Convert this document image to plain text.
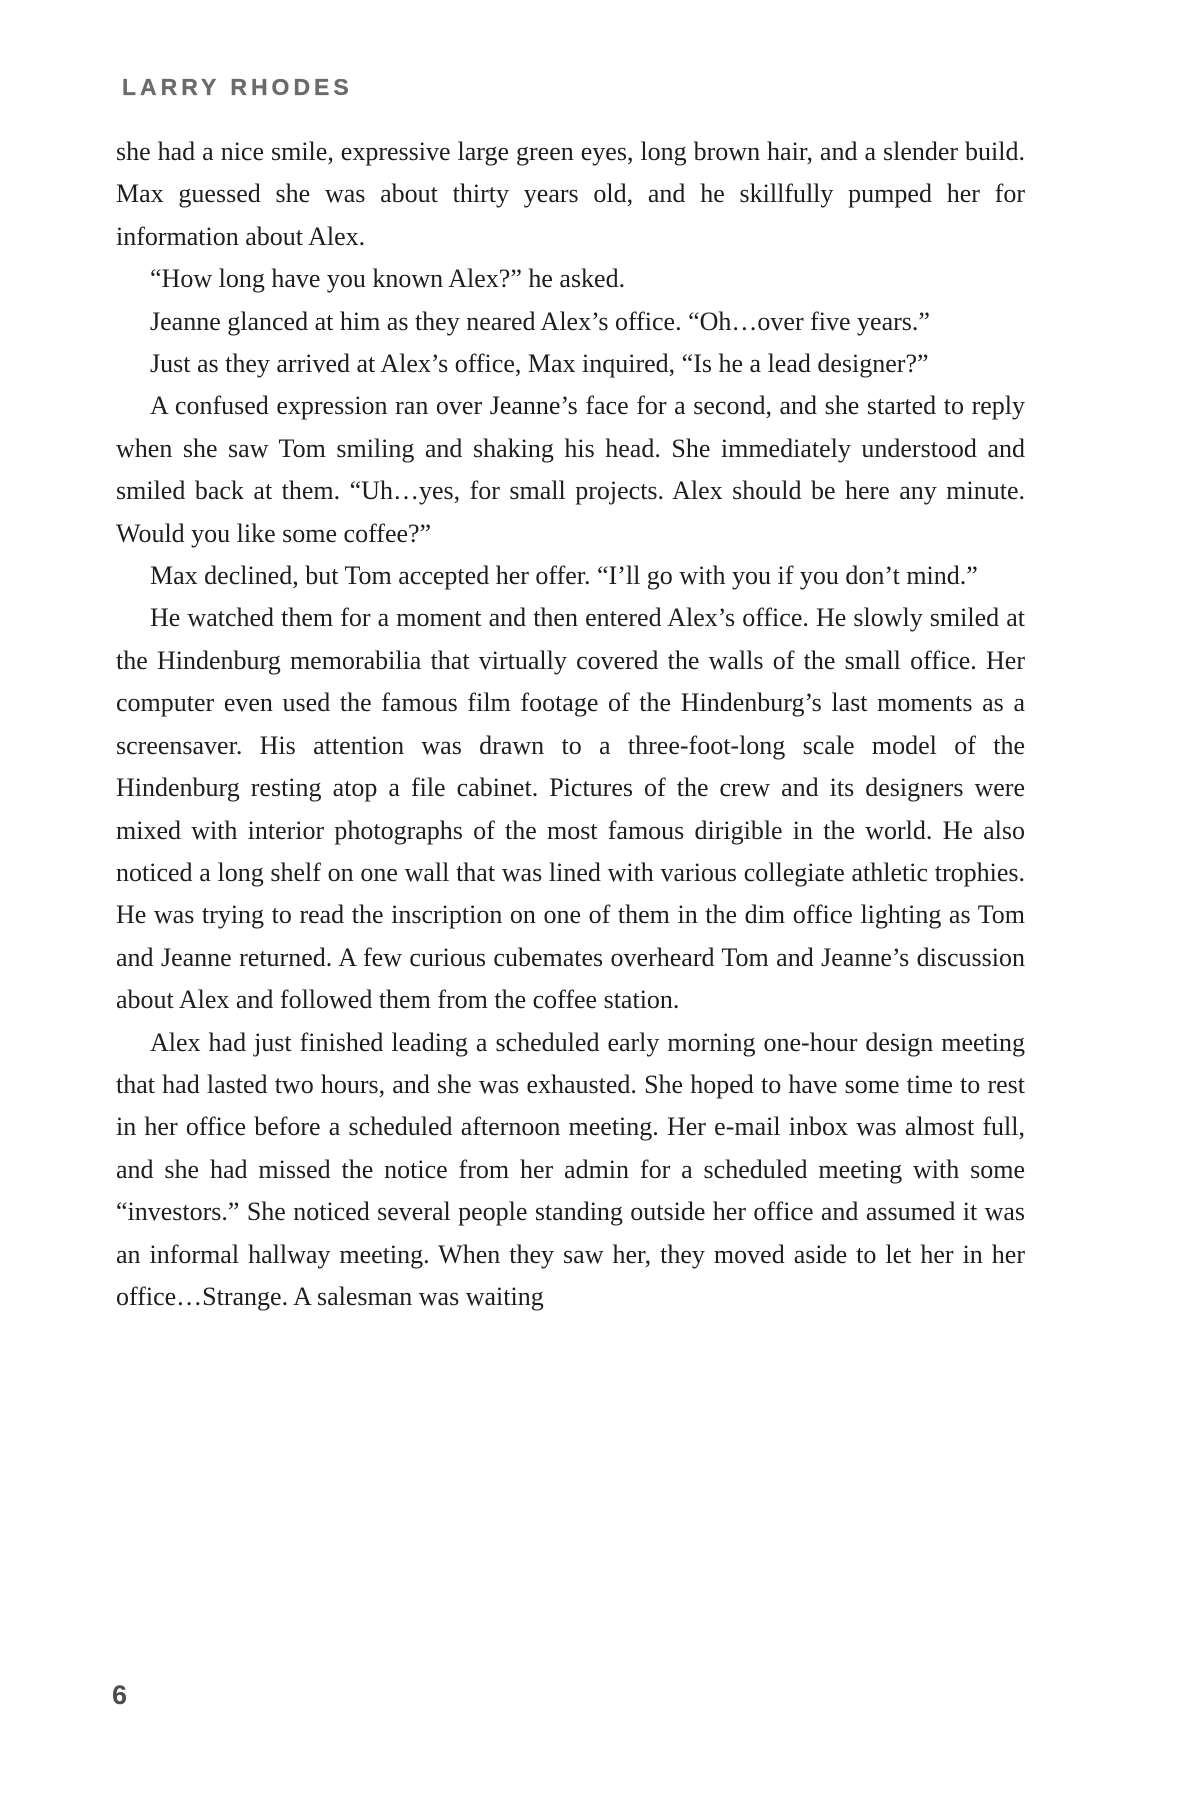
LARRY RHODES

she had a nice smile, expressive large green eyes, long brown hair, and a slender build. Max guessed she was about thirty years old, and he skillfully pumped her for information about Alex.

“How long have you known Alex?” he asked.

Jeanne glanced at him as they neared Alex’s office. “Oh…over five years.”

Just as they arrived at Alex’s office, Max inquired, “Is he a lead designer?”

A confused expression ran over Jeanne’s face for a second, and she started to reply when she saw Tom smiling and shaking his head. She immediately understood and smiled back at them. “Uh…yes, for small projects. Alex should be here any minute. Would you like some coffee?”

Max declined, but Tom accepted her offer. “I’ll go with you if you don’t mind.”

He watched them for a moment and then entered Alex’s office. He slowly smiled at the Hindenburg memorabilia that virtually covered the walls of the small office. Her computer even used the famous film footage of the Hindenburg’s last moments as a screensaver. His attention was drawn to a three-foot-long scale model of the Hindenburg resting atop a file cabinet. Pictures of the crew and its designers were mixed with interior photographs of the most famous dirigible in the world. He also noticed a long shelf on one wall that was lined with various collegiate athletic trophies. He was trying to read the inscription on one of them in the dim office lighting as Tom and Jeanne returned. A few curious cubemates overheard Tom and Jeanne’s discussion about Alex and followed them from the coffee station.

Alex had just finished leading a scheduled early morning one-hour design meeting that had lasted two hours, and she was exhausted. She hoped to have some time to rest in her office before a scheduled afternoon meeting. Her e-mail inbox was almost full, and she had missed the notice from her admin for a scheduled meeting with some “investors.” She noticed several people standing outside her office and assumed it was an informal hallway meeting. When they saw her, they moved aside to let her in her office…Strange. A salesman was waiting

6
